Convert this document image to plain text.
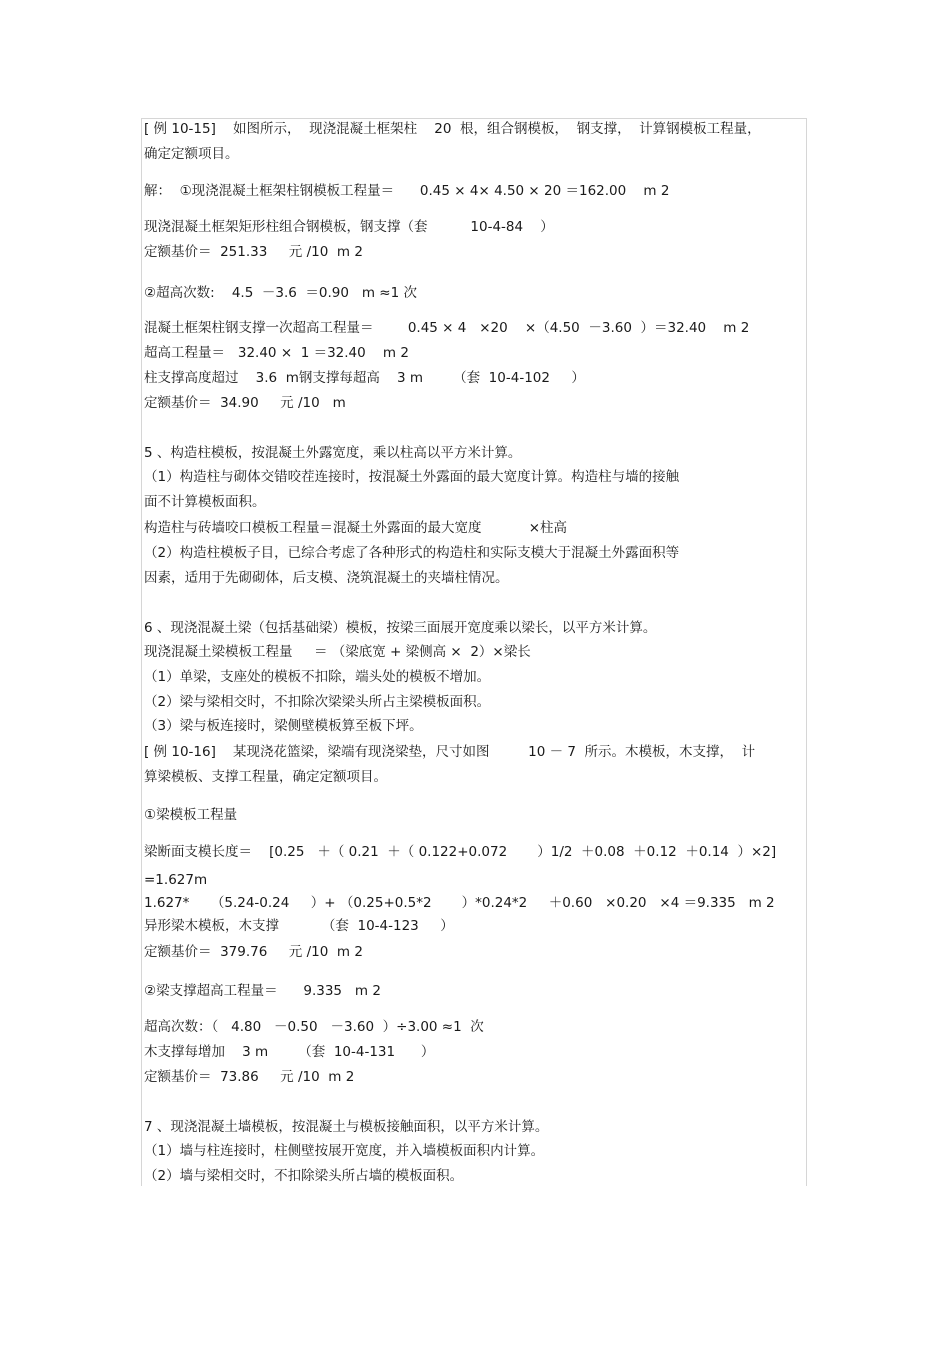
[ 例 10-15]    如图所示，  现浇混凝土框架柱    20  根，组合钢模板，  钢支撑，  计算钢模板工程量，

确定定额项目。

解：  ①现浇混凝土框架柱钢模板工程量＝      0.45 × 4× 4.50 × 20 ＝162.00    m 2

现浇混凝土框架矩形柱组合钢模板，钢支撑（套          10-4-84    ）

定额基价＝  251.33     元 /10  m 2

②超高次数:    4.5  －3.6  ＝0.90   m ≈1 次

混凝土框架柱钢支撑一次超高工程量＝        0.45 × 4   ×20    ×（4.50  －3.60  ）＝32.40    m 2

超高工程量＝   32.40 ×  1 ＝32.40    m 2

柱支撑高度超过    3.6  m钢支撑每超高    3 m       （套  10-4-102     ）

定额基价＝  34.90     元 /10   m

5 、构造柱模板，按混凝土外露宽度，乘以柱高以平方米计算。

（1）构造柱与砌体交错咬茬连接时，按混凝土外露面的最大宽度计算。构造柱与墙的接触

面不计算模板面积。

构造柱与砖墙咬口模板工程量＝混凝土外露面的最大宽度           ×柱高

（2）构造柱模板子目，已综合考虑了各种形式的构造柱和实际支模大于混凝土外露面积等

因素，适用于先砌砌体，后支模、浇筑混凝土的夹墙柱情况。

6 、现浇混凝土梁（包括基础梁）模板，按梁三面展开宽度乘以梁长，以平方米计算。

现浇混凝土梁模板工程量     ＝ （梁底宽 + 梁侧高 ×  2）×梁长

（1）单梁，支座处的模板不扣除，端头处的模板不增加。

（2）梁与梁相交时，不扣除次梁梁头所占主梁模板面积。

（3）梁与板连接时，梁侧壁模板算至板下坪。

[ 例 10-16]    某现浇花篮梁，梁端有现浇梁垫，尺寸如图         10 － 7  所示。木模板，木支撑，  计

算梁模板、支撑工程量，确定定额项目。

①梁模板工程量

梁断面支模长度＝    [0.25   ＋（ 0.21  ＋（ 0.122+0.072       ）1/2  ＋0.08  ＋0.12  ＋0.14  ）×2]

=1.627m

1.627*     （5.24-0.24     ）+ （0.25+0.5*2       ）*0.24*2     ＋0.60   ×0.20   ×4 ＝9.335   m 2

异形梁木模板，木支撑          （套  10-4-123     ）

定额基价＝  379.76     元 /10  m 2

②梁支撑超高工程量＝      9.335   m 2

超高次数：（   4.80   －0.50   －3.60  ）÷3.00 ≈1  次

木支撑每增加    3 m       （套  10-4-131      ）

定额基价＝  73.86     元 /10  m 2

7 、现浇混凝土墙模板，按混凝土与模板接触面积，以平方米计算。

（1）墙与柱连接时，柱侧壁按展开宽度，并入墙模板面积内计算。

（2）墙与梁相交时，不扣除梁头所占墙的模板面积。
